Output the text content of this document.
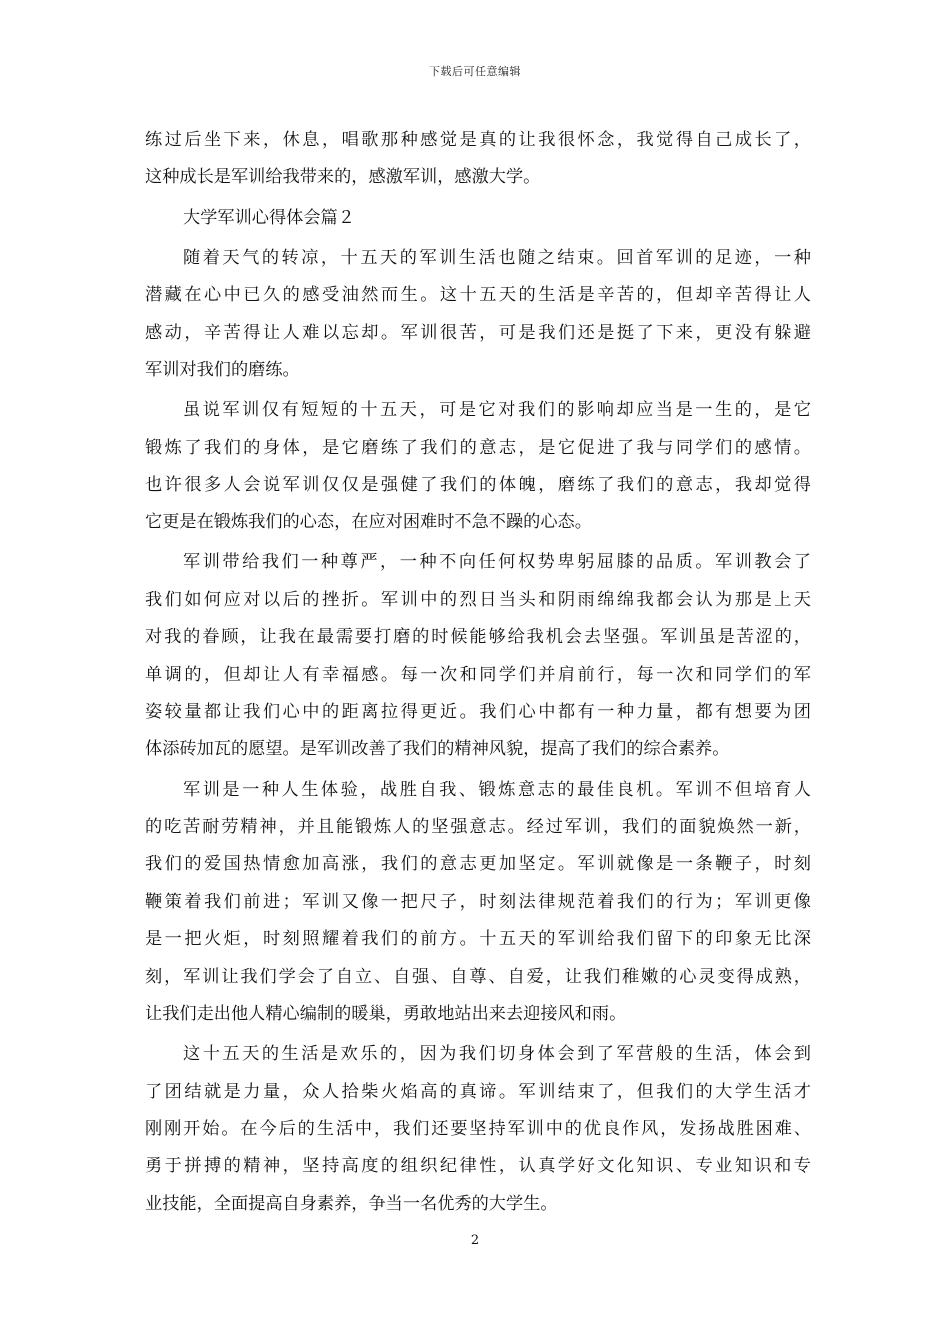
下载后可任意编辑
练过后坐下来，休息，唱歌那种感觉是真的让我很怀念，我觉得自己成长了，
这种成长是军训给我带来的，感激军训，感激大学。
大学军训心得体会篇２
随着天气的转凉，十五天的军训生活也随之结束。回首军训的足迹，一种
潜藏在心中已久的感受油然而生。这十五天的生活是辛苦的，但却辛苦得让人
感动，辛苦得让人难以忘却。军训很苦，可是我们还是挺了下来，更没有躲避
军训对我们的磨练。
虽说军训仅有短短的十五天，可是它对我们的影响却应当是一生的，是它
锻炼了我们的身体，是它磨练了我们的意志，是它促进了我与同学们的感情。
也许很多人会说军训仅仅是强健了我们的体魄，磨练了我们的意志，我却觉得
它更是在锻炼我们的心态，在应对困难时不急不躁的心态。
军训带给我们一种尊严，一种不向任何权势卑躬屈膝的品质。军训教会了
我们如何应对以后的挫折。军训中的烈日当头和阴雨绵绵我都会认为那是上天
对我的眷顾，让我在最需要打磨的时候能够给我机会去坚强。军训虽是苦涩的，
单调的，但却让人有幸福感。每一次和同学们并肩前行，每一次和同学们的军
姿较量都让我们心中的距离拉得更近。我们心中都有一种力量，都有想要为团
体添砖加瓦的愿望。是军训改善了我们的精神风貌，提高了我们的综合素养。
军训是一种人生体验，战胜自我、锻炼意志的最佳良机。军训不但培育人
的吃苦耐劳精神，并且能锻炼人的坚强意志。经过军训，我们的面貌焕然一新，
我们的爱国热情愈加高涨，我们的意志更加坚定。军训就像是一条鞭子，时刻
鞭策着我们前进；军训又像一把尺子，时刻法律规范着我们的行为；军训更像
是一把火炬，时刻照耀着我们的前方。十五天的军训给我们留下的印象无比深
刻，军训让我们学会了自立、自强、自尊、自爱，让我们稚嫩的心灵变得成熟，
让我们走出他人精心编制的暖巢，勇敢地站出来去迎接风和雨。
这十五天的生活是欢乐的，因为我们切身体会到了军营般的生活，体会到
了团结就是力量，众人拾柴火焰高的真谛。军训结束了，但我们的大学生活才
刚刚开始。在今后的生活中，我们还要坚持军训中的优良作风，发扬战胜困难、
勇于拼搏的精神，坚持高度的组织纪律性，认真学好文化知识、专业知识和专
业技能，全面提高自身素养，争当一名优秀的大学生。
2
